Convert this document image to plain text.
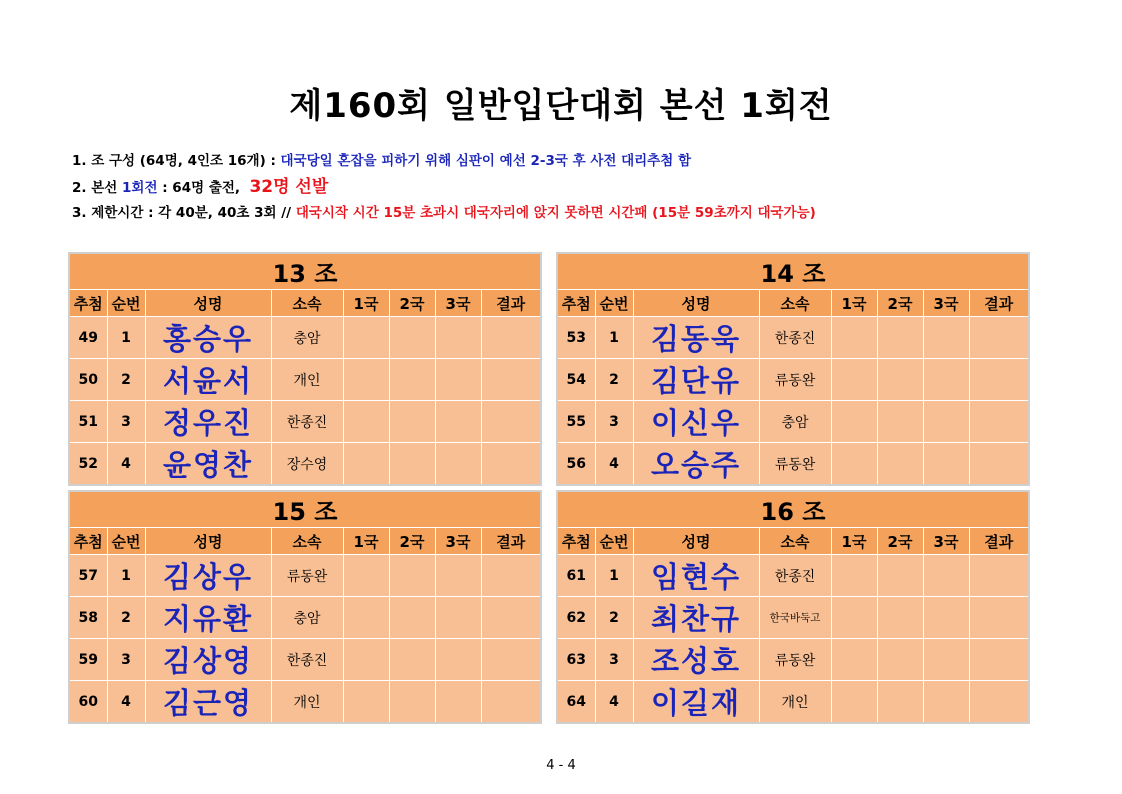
제160회 일반입단대회 본선 1회전
1. 조 구성 (64명, 4인조 16개) : 대국당일 혼잡을 피하기 위해 심판이 예선 2-3국 후 사전 대리추첨 함
2. 본선 1회전 : 64명 출전,  32명 선발
3. 제한시간 : 각 40분, 40초 3회 // 대국시작 시간 15분 초과시 대국자리에 앉지 못하면 시간패 (15분 59초까지 대국가능)
13 조							
추첨	순번	성명	소속	1국	2국	3국	결과
49	1	홍승우	충암				
50	2	서윤서	개인				
51	3	정우진	한종진				
52	4	윤영찬	장수영				
14 조							
추첨	순번	성명	소속	1국	2국	3국	결과
53	1	김동욱	한종진				
54	2	김단유	류동완				
55	3	이신우	충암				
56	4	오승주	류동완				
15 조							
추첨	순번	성명	소속	1국	2국	3국	결과
57	1	김상우	류동완				
58	2	지유환	충암				
59	3	김상영	한종진				
60	4	김근영	개인				
16 조							
추첨	순번	성명	소속	1국	2국	3국	결과
61	1	임현수	한종진				
62	2	최찬규	한국바둑고				
63	3	조성호	류동완				
64	4	이길재	개인				
4 - 4
